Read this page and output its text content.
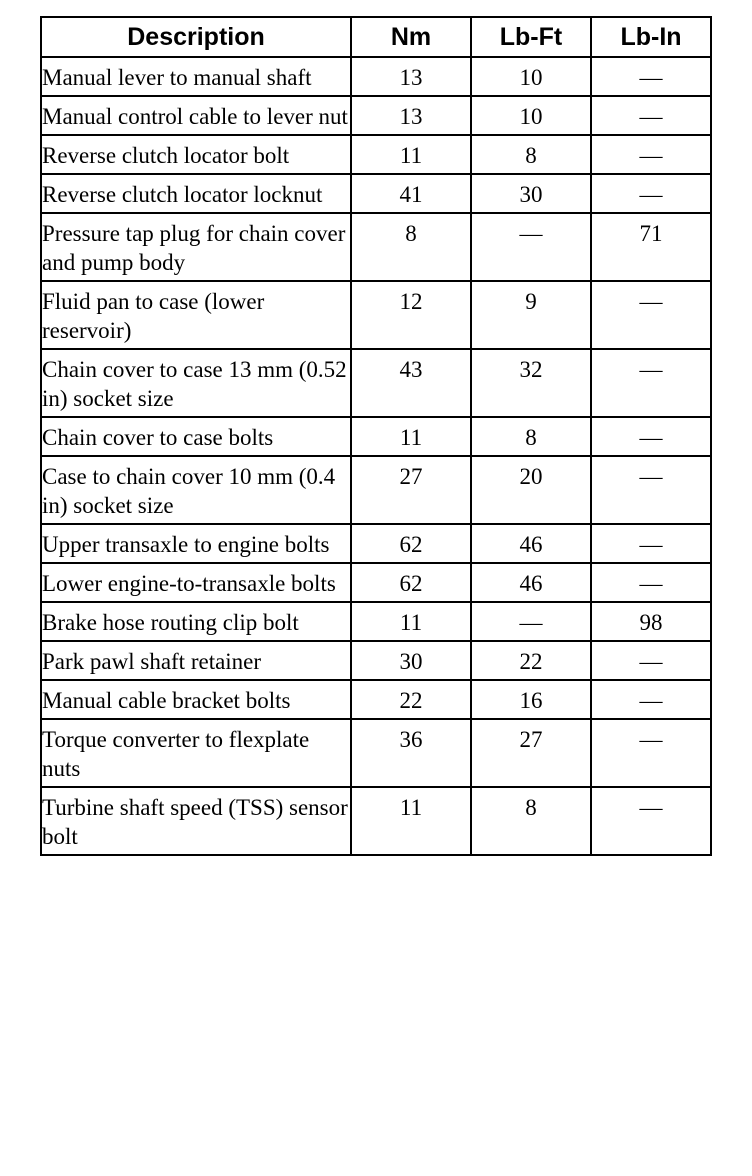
Description	Nm	Lb-Ft	Lb-In
Manual lever to manual shaft	13	10	—
Manual control cable to lever nut	13	10	—
Reverse clutch locator bolt	11	8	—
Reverse clutch locator locknut	41	30	—
Pressure tap plug for chain cover and pump body	8	—	71
Fluid pan to case (lower reservoir)	12	9	—
Chain cover to case 13 mm (0.52 in) socket size	43	32	—
Chain cover to case bolts	11	8	—
Case to chain cover 10 mm (0.4 in) socket size	27	20	—
Upper transaxle to engine bolts	62	46	—
Lower engine-to-transaxle bolts	62	46	—
Brake hose routing clip bolt	11	—	98
Park pawl shaft retainer	30	22	—
Manual cable bracket bolts	22	16	—
Torque converter to flexplate nuts	36	27	—
Turbine shaft speed (TSS) sensor bolt	11	8	—
